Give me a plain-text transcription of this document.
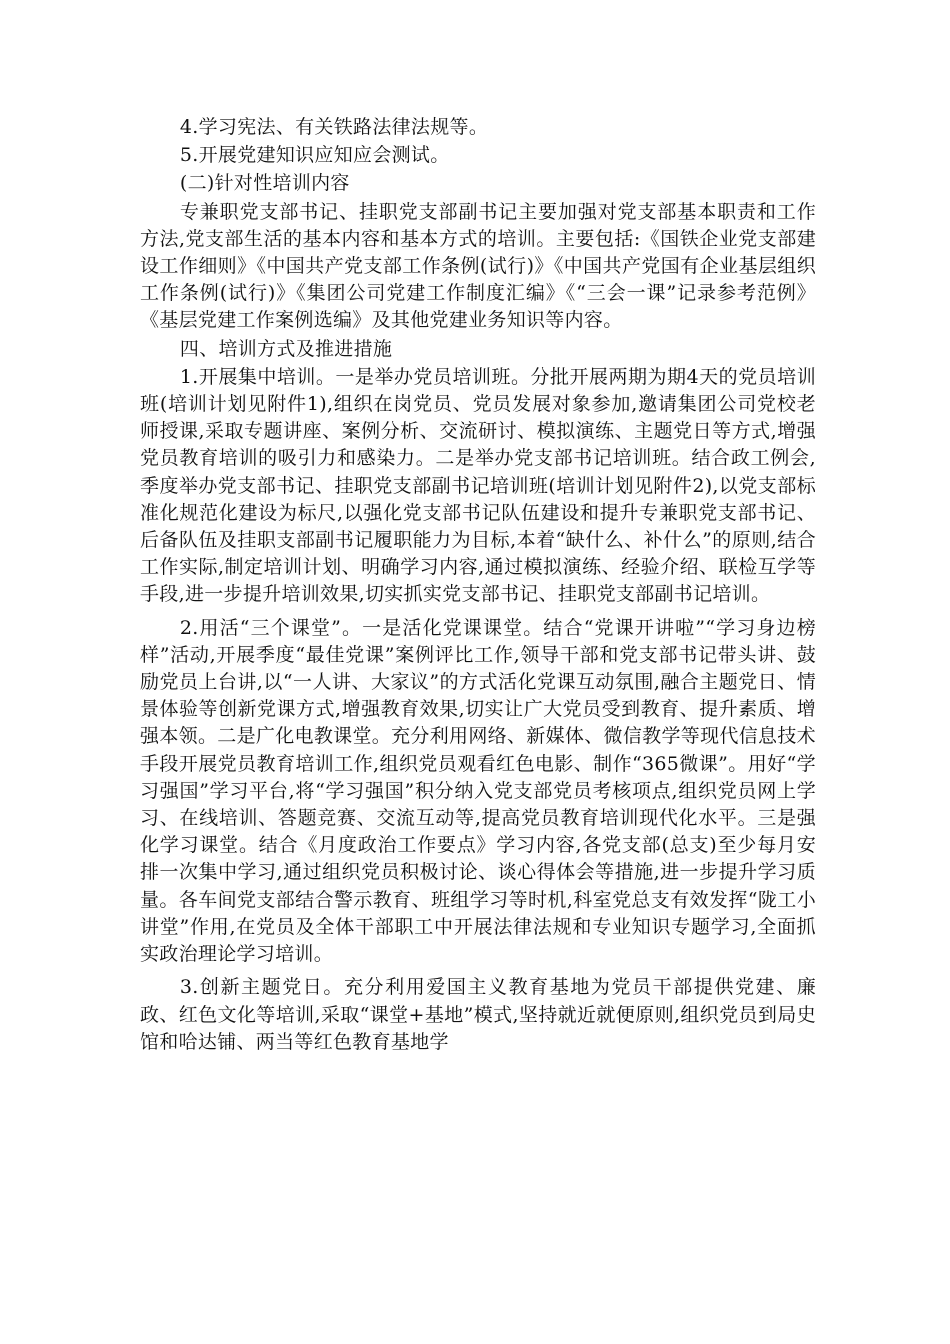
4.学习宪法、有关铁路法律法规等。

5.开展党建知识应知应会测试。

(二)针对性培训内容

专兼职党支部书记、挂职党支部副书记主要加强对党支部基本职责和工作方法,党支部生活的基本内容和基本方式的培训。主要包括:《国铁企业党支部建设工作细则》《中国共产党支部工作条例(试行)》《中国共产党国有企业基层组织工作条例(试行)》《集团公司党建工作制度汇编》《“三会一课”记录参考范例》《基层党建工作案例选编》及其他党建业务知识等内容。

四、培训方式及推进措施

1.开展集中培训。一是举办党员培训班。分批开展两期为期4天的党员培训班(培训计划见附件1),组织在岗党员、党员发展对象参加,邀请集团公司党校老师授课,采取专题讲座、案例分析、交流研讨、模拟演练、主题党日等方式,增强党员教育培训的吸引力和感染力。二是举办党支部书记培训班。结合政工例会,季度举办党支部书记、挂职党支部副书记培训班(培训计划见附件2),以党支部标准化规范化建设为标尺,以强化党支部书记队伍建设和提升专兼职党支部书记、后备队伍及挂职支部副书记履职能力为目标,本着“缺什么、补什么”的原则,结合工作实际,制定培训计划、明确学习内容,通过模拟演练、经验介绍、联检互学等手段,进一步提升培训效果,切实抓实党支部书记、挂职党支部副书记培训。

2.用活“三个课堂”。一是活化党课课堂。结合“党课开讲啦”“学习身边榜样”活动,开展季度“最佳党课”案例评比工作,领导干部和党支部书记带头讲、鼓励党员上台讲,以“一人讲、大家议”的方式活化党课互动氛围,融合主题党日、情景体验等创新党课方式,增强教育效果,切实让广大党员受到教育、提升素质、增强本领。二是广化电教课堂。充分利用网络、新媒体、微信教学等现代信息技术手段开展党员教育培训工作,组织党员观看红色电影、制作“365微课”。用好“学习强国”学习平台,将“学习强国”积分纳入党支部党员考核项点,组织党员网上学习、在线培训、答题竞赛、交流互动等,提高党员教育培训现代化水平。三是强化学习课堂。结合《月度政治工作要点》学习内容,各党支部(总支)至少每月安排一次集中学习,通过组织党员积极讨论、谈心得体会等措施,进一步提升学习质量。各车间党支部结合警示教育、班组学习等时机,科室党总支有效发挥“陇工小讲堂”作用,在党员及全体干部职工中开展法律法规和专业知识专题学习,全面抓实政治理论学习培训。

3.创新主题党日。充分利用爱国主义教育基地为党员干部提供党建、廉政、红色文化等培训,采取“课堂+基地”模式,坚持就近就便原则,组织党员到局史馆和哈达铺、两当等红色教育基地学
